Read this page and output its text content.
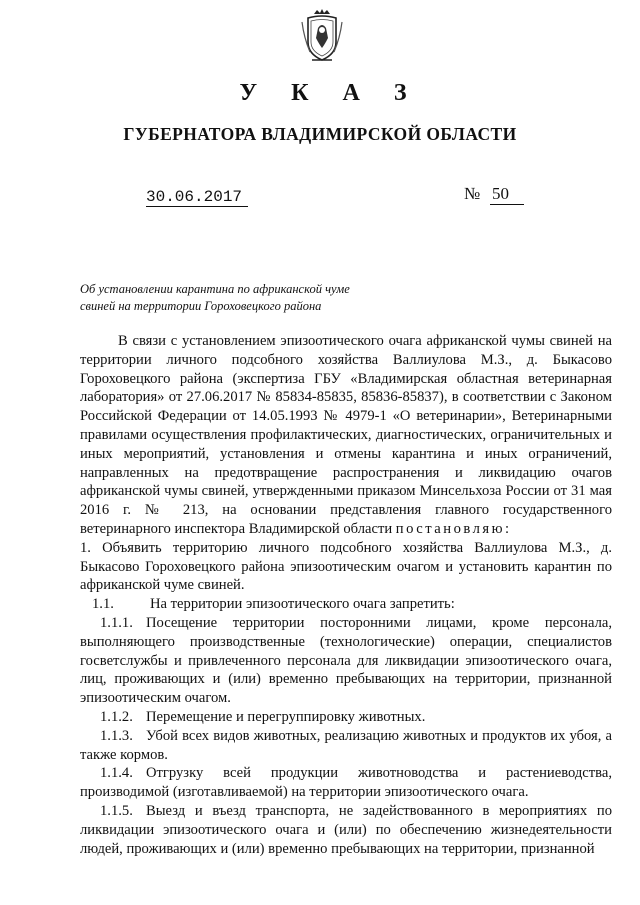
У К А З
ГУБЕРНАТОРА ВЛАДИМИРСКОЙ ОБЛАСТИ
30.06.2017	№ 50
Об установлении карантина по африканской чуме свиней на территории Гороховецкого района

В связи с установлением эпизоотического очага африканской чумы свиней на территории личного подсобного хозяйства Валлиулова М.З., д. Быкасово Гороховецкого района (экспертиза ГБУ «Владимирская областная ветеринарная лаборатория» от 27.06.2017 № 85834-85835, 85836-85837), в соответствии с Законом Российской Федерации от 14.05.1993 № 4979-1 «О ветеринарии», Ветеринарными правилами осуществления профилактических, диагностических, ограничительных и иных мероприятий, установления и отмены карантина и иных ограничений, направленных на предотвращение распространения и ликвидацию очагов африканской чумы свиней, утвержденными приказом Минсельхоза России от 31 мая 2016 г. № 213, на основании представления главного государственного ветеринарного инспектора Владимирской области постановляю:

1. Объявить территорию личного подсобного хозяйства Валлиулова М.З., д. Быкасово Гороховецкого района эпизоотическим очагом и установить карантин по африканской чуме свиней.

1.1. На территории эпизоотического очага запретить:

1.1.1. Посещение территории посторонними лицами, кроме персонала, выполняющего производственные (технологические) операции, специалистов госветслужбы и привлеченного персонала для ликвидации эпизоотического очага, лиц, проживающих и (или) временно пребывающих на территории, признанной эпизоотическим очагом.

1.1.2. Перемещение и перегруппировку животных.

1.1.3. Убой всех видов животных, реализацию животных и продуктов их убоя, а также кормов.

1.1.4. Отгрузку всей продукции животноводства и растениеводства, производимой (изготавливаемой) на территории эпизоотического очага.

1.1.5. Выезд и въезд транспорта, не задействованного в мероприятиях по ликвидации эпизоотического очага и (или) по обеспечению жизнедеятельности людей, проживающих и (или) временно пребывающих на территории, признанной
